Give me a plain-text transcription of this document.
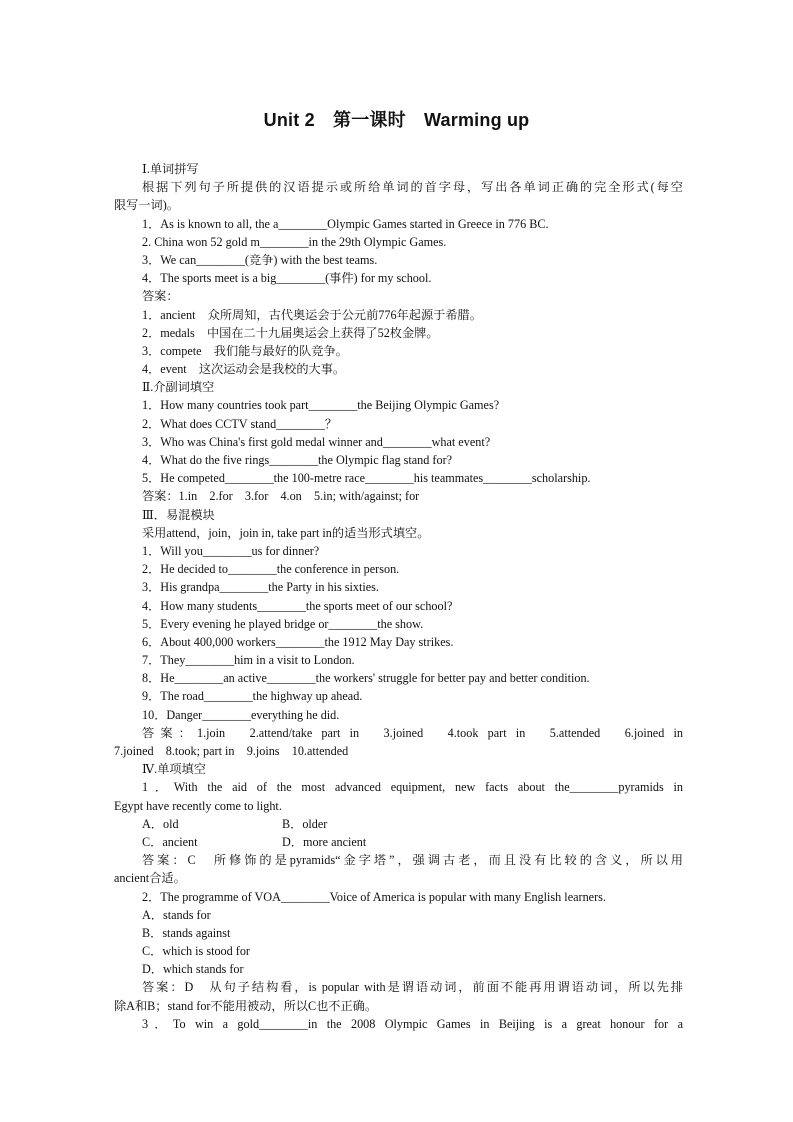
Unit 2　第一课时　Warming up

Ⅰ.单词拼写

根据下列句子所提供的汉语提示或所给单词的首字母，写出各单词正确的完全形式(每空

限写一词)。

1．As is known to all, the a________Olympic Games started in Greece in 776 BC.

2. China won 52 gold m________in the 29th Olympic Games.

3．We can________(竞争) with the best teams.

4．The sports meet is a big________(事件) for my school.

答案：

1．ancient　众所周知，古代奥运会于公元前776年起源于希腊。

2．medals　中国在二十九届奥运会上获得了52枚金牌。

3．compete　我们能与最好的队竞争。

4．event　这次运动会是我校的大事。

Ⅱ.介副词填空

1．How many countries took part________the Beijing Olympic Games?

2．What does CCTV stand________？

3．Who was China's first gold medal winner and________what event?

4．What do the five rings________the Olympic flag stand for?

5．He competed________the 100-metre race________his teammates________scholarship.

答案：1.in　2.for　3.for　4.on　5.in; with/against; for

Ⅲ．易混模块

采用attend，join，join in, take part in的适当形式填空。

1．Will you________us for dinner?

2．He decided to________the conference in person.

3．His grandpa________the Party in his sixties.

4．How many students________the sports meet of our school?

5．Every evening he played bridge or________the show.

6．About 400,000 workers________the 1912 May Day strikes.

7．They________him in a visit to London.

8．He________an active________the workers' struggle for better pay and better condition.

9．The road________the highway up ahead.

10．Danger________everything he did.

答案：1.join　2.attend/take part in　3.joined　4.took part in　5.attended　6.joined in

7.joined　8.took; part in　9.joins　10.attended

Ⅳ.单项填空

1．With the aid of the most advanced equipment, new facts about the________pyramids in

Egypt have recently come to light.

A．old	B．older
C．ancient	D．more ancient

答案：C　所修饰的是pyramids“金字塔”，强调古老，而且没有比较的含义，所以用

ancient合适。

2．The programme of VOA________Voice of America is popular with many English learners.

A．stands for

B．stands against

C．which is stood for

D．which stands for

答案：D　从句子结构看，is popular with是谓语动词，前面不能再用谓语动词，所以先排

除A和B；stand for不能用被动，所以C也不正确。

3．To win a gold________in the 2008 Olympic Games in Beijing is a great honour for a
